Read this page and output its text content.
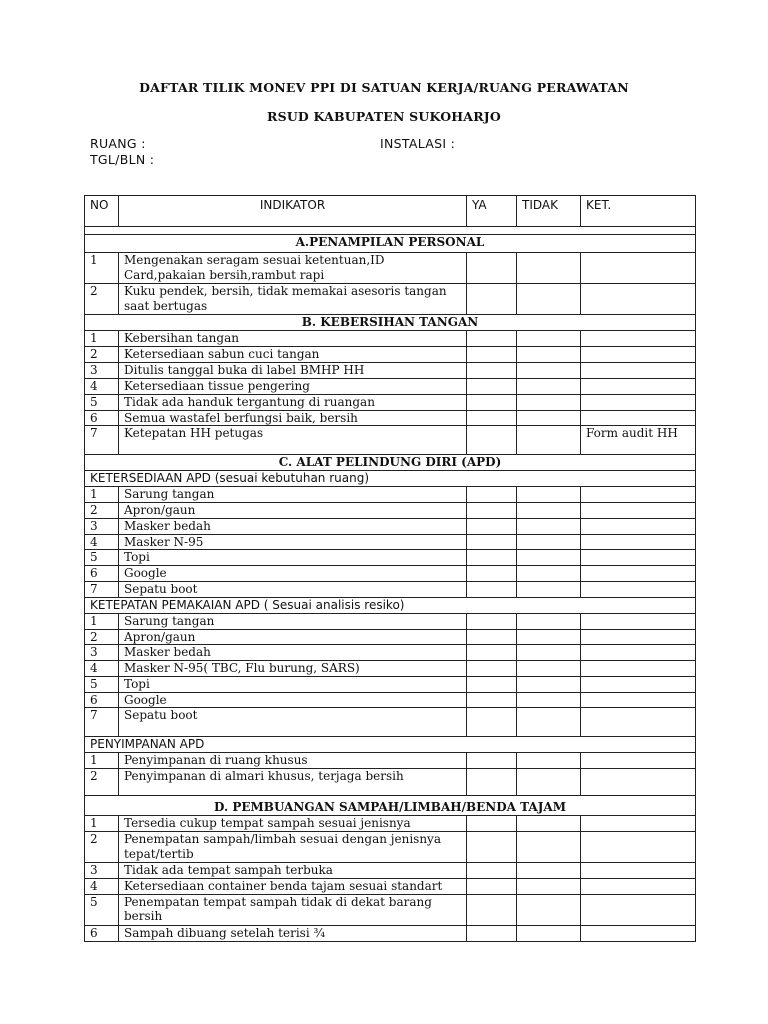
DAFTAR TILIK MONEV PPI DI SATUAN KERJA/RUANG PERAWATAN
RSUD KABUPATEN SUKOHARJO
RUANG :	INSTALASI :
TGL/BLN :
NO	INDIKATOR	YA	TIDAK	KET.

A.PENAMPILAN PERSONAL				
1	Mengenakan seragam sesuai ketentuan,ID Card,pakaian bersih,rambut rapi			
2	Kuku pendek, bersih, tidak memakai asesoris tangan saat bertugas			
B. KEBERSIHAN TANGAN				
1	Kebersihan tangan			
2	Ketersediaan sabun cuci tangan			
3	Ditulis tanggal buka di label BMHP HH			
4	Ketersediaan tissue pengering			
5	Tidak ada handuk tergantung di ruangan			
6	Semua wastafel berfungsi baik, bersih			
7	Ketepatan HH petugas			Form audit HH
C. ALAT PELINDUNG DIRI (APD)				
KETERSEDIAAN APD (sesuai kebutuhan ruang)				
1	Sarung tangan			
2	Apron/gaun			
3	Masker bedah			
4	Masker N-95			
5	Topi			
6	Google			
7	Sepatu boot			
KETEPATAN PEMAKAIAN APD ( Sesuai analisis resiko)				
1	Sarung tangan			
2	Apron/gaun			
3	Masker bedah			
4	Masker N-95( TBC, Flu burung, SARS)			
5	Topi			
6	Google			
7	Sepatu boot			
PENYIMPANAN APD				
1	Penyimpanan di ruang khusus			
2	Penyimpanan di almari khusus, terjaga bersih			
D. PEMBUANGAN SAMPAH/LIMBAH/BENDA TAJAM				
1	Tersedia cukup tempat sampah sesuai jenisnya			
2	Penempatan sampah/limbah sesuai dengan jenisnya tepat/tertib			
3	Tidak ada tempat sampah terbuka			
4	Ketersediaan container benda tajam sesuai standart			
5	Penempatan tempat sampah tidak di dekat barang bersih			
6	Sampah dibuang setelah terisi ¾			
